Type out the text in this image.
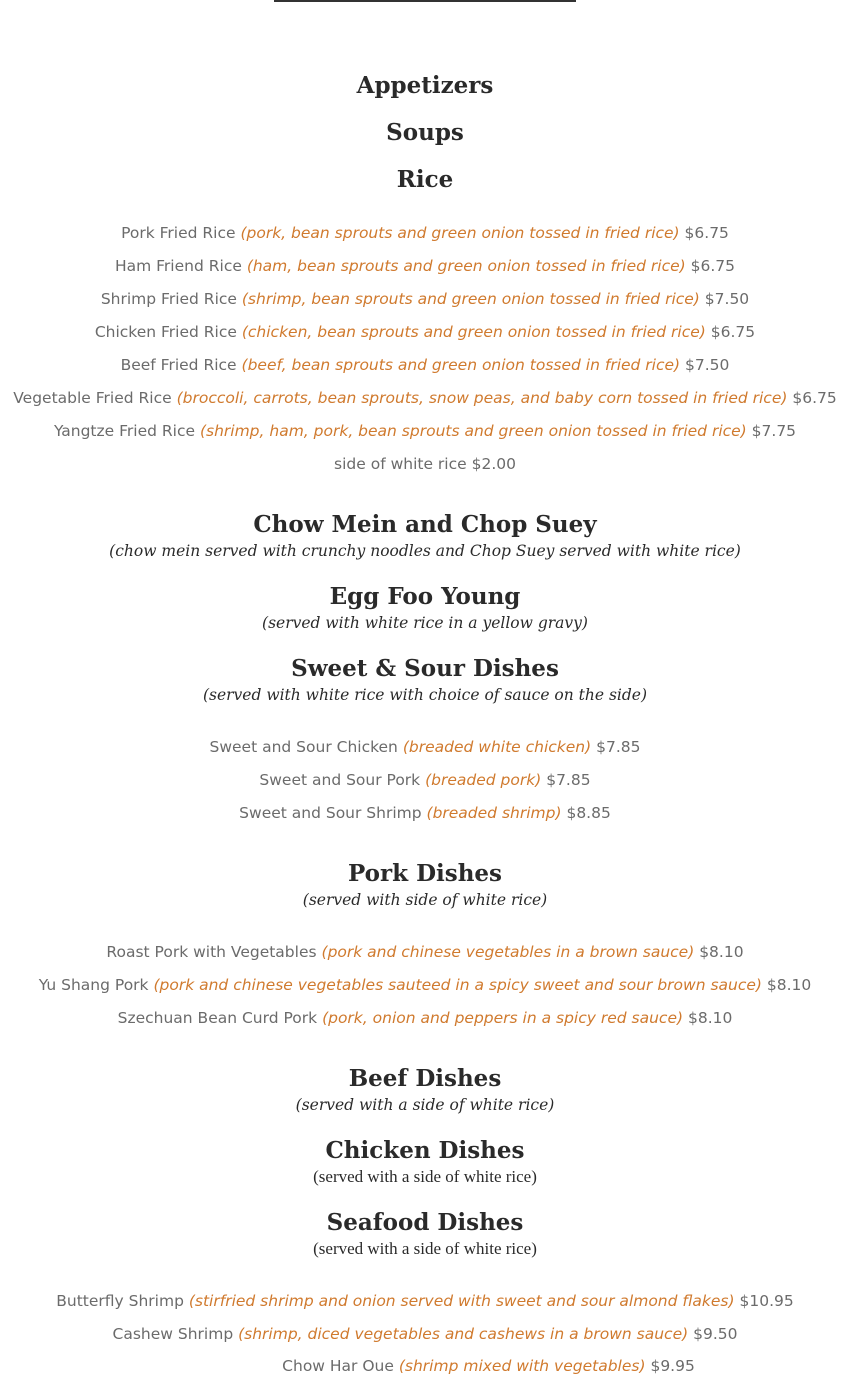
Appetizers
Soups
Rice
Pork Fried Rice (pork, bean sprouts and green onion tossed in fried rice) $6.75
Ham Friend Rice (ham, bean sprouts and green onion tossed in fried rice) $6.75
Shrimp Fried Rice (shrimp, bean sprouts and green onion tossed in fried rice) $7.50
Chicken Fried Rice (chicken, bean sprouts and green onion tossed in fried rice) $6.75
Beef Fried Rice (beef, bean sprouts and green onion tossed in fried rice) $7.50
Vegetable Fried Rice (broccoli, carrots, bean sprouts, snow peas, and baby corn tossed in fried rice) $6.75
Yangtze Fried Rice (shrimp, ham, pork, bean sprouts and green onion tossed in fried rice) $7.75
side of white rice $2.00
Chow Mein and Chop Suey
(chow mein served with crunchy noodles and Chop Suey served with white rice)
Egg Foo Young
(served with white rice in a yellow gravy)
Sweet & Sour Dishes
(served with white rice with choice of sauce on the side)
Sweet and Sour Chicken (breaded white chicken) $7.85
Sweet and Sour Pork (breaded pork) $7.85
Sweet and Sour Shrimp (breaded shrimp) $8.85
Pork Dishes
(served with side of white rice)
Roast Pork with Vegetables (pork and chinese vegetables in a brown sauce) $8.10
Yu Shang Pork (pork and chinese vegetables sauteed in a spicy sweet and sour brown sauce) $8.10
Szechuan Bean Curd Pork (pork, onion and peppers in a spicy red sauce) $8.10
Beef Dishes
(served with a side of white rice)
Chicken Dishes
(served with a side of white rice)
Seafood Dishes
(served with a side of white rice)
Butterfly Shrimp (stirfried shrimp and onion served with sweet and sour almond flakes) $10.95
Cashew Shrimp (shrimp, diced vegetables and cashews in a brown sauce) $9.50
Chow Har Oue (shrimp mixed with vegetables) $9.95
